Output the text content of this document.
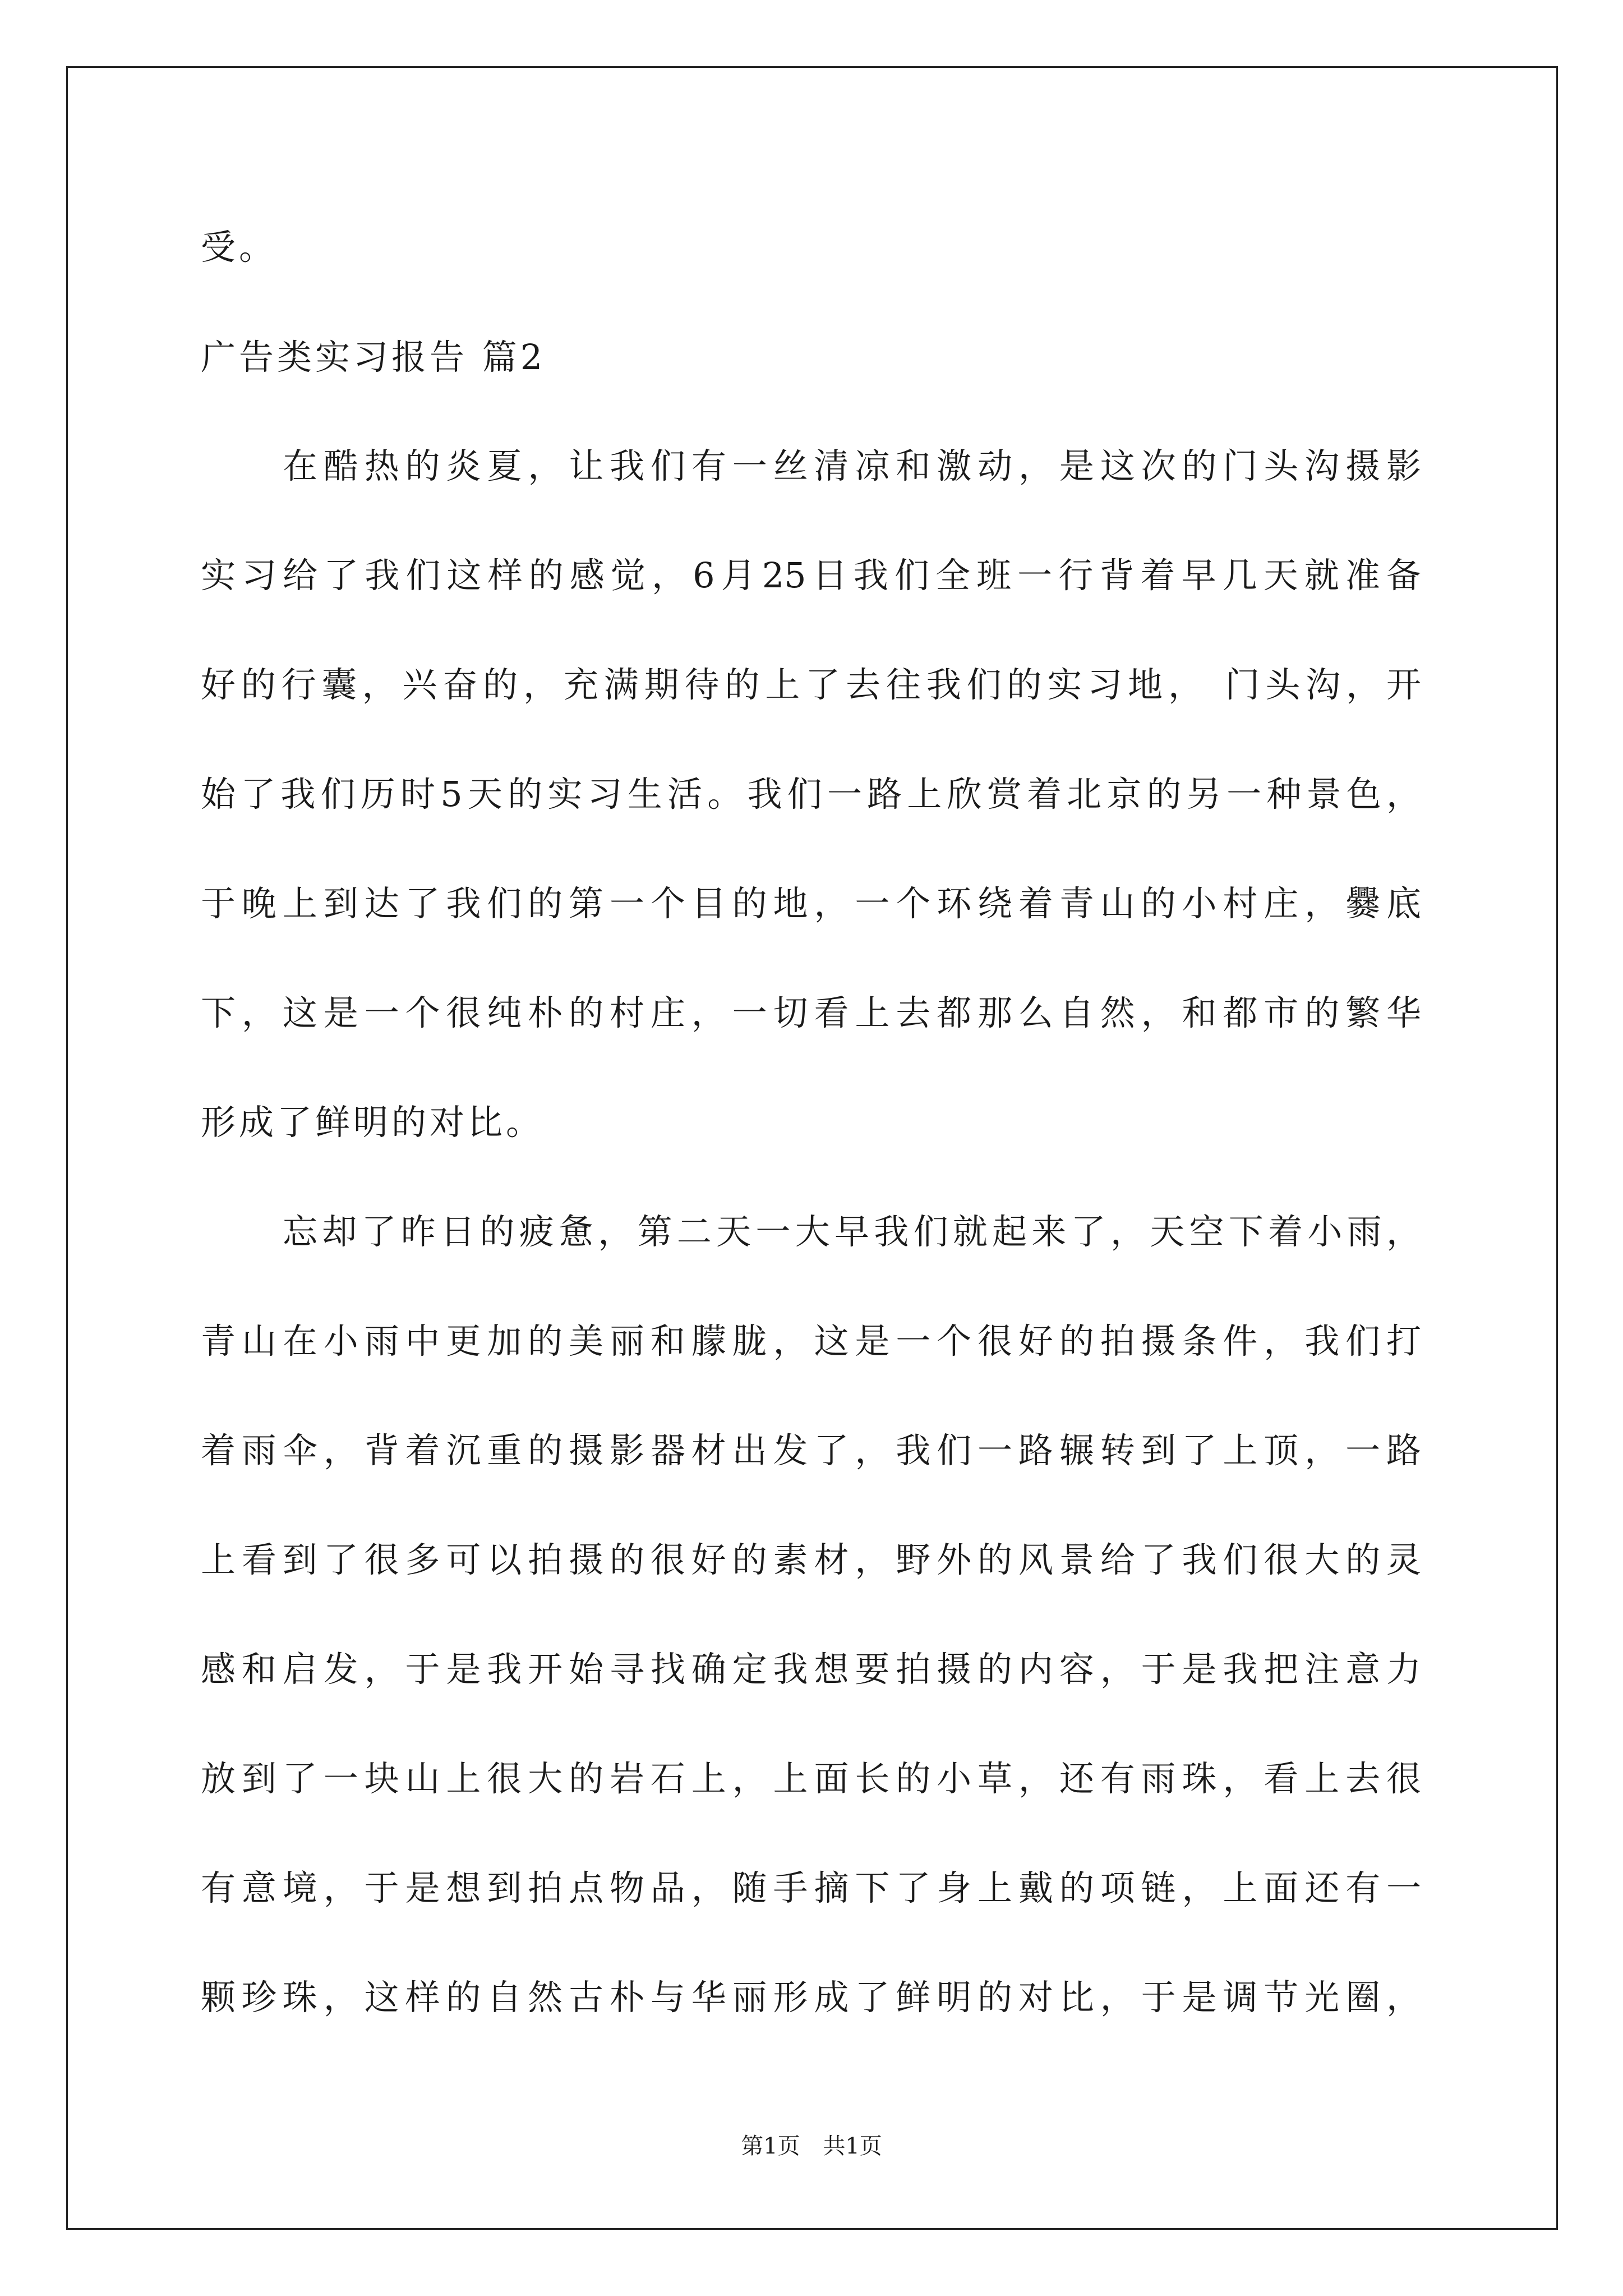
受。
广告类实习报告 篇2
在酷热的炎夏，让我们有一丝清凉和激动，是这次的门头沟摄影
实习给了我们这样的感觉，6月25日我们全班一行背着早几天就准备
好的行囊，兴奋的，充满期待的上了去往我们的实习地， 门头沟，开
始了我们历时5天的实习生活。我们一路上欣赏着北京的另一种景色，
于晚上到达了我们的第一个目的地，一个环绕着青山的小村庄，爨底
下，这是一个很纯朴的村庄，一切看上去都那么自然，和都市的繁华
形成了鲜明的对比。
忘却了昨日的疲惫，第二天一大早我们就起来了，天空下着小雨，
青山在小雨中更加的美丽和朦胧，这是一个很好的拍摄条件，我们打
着雨伞，背着沉重的摄影器材出发了，我们一路辗转到了上顶，一路
上看到了很多可以拍摄的很好的素材，野外的风景给了我们很大的灵
感和启发，于是我开始寻找确定我想要拍摄的内容，于是我把注意力
放到了一块山上很大的岩石上，上面长的小草，还有雨珠，看上去很
有意境，于是想到拍点物品，随手摘下了身上戴的项链，上面还有一
颗珍珠，这样的自然古朴与华丽形成了鲜明的对比，于是调节光圈，
第1页 共1页
